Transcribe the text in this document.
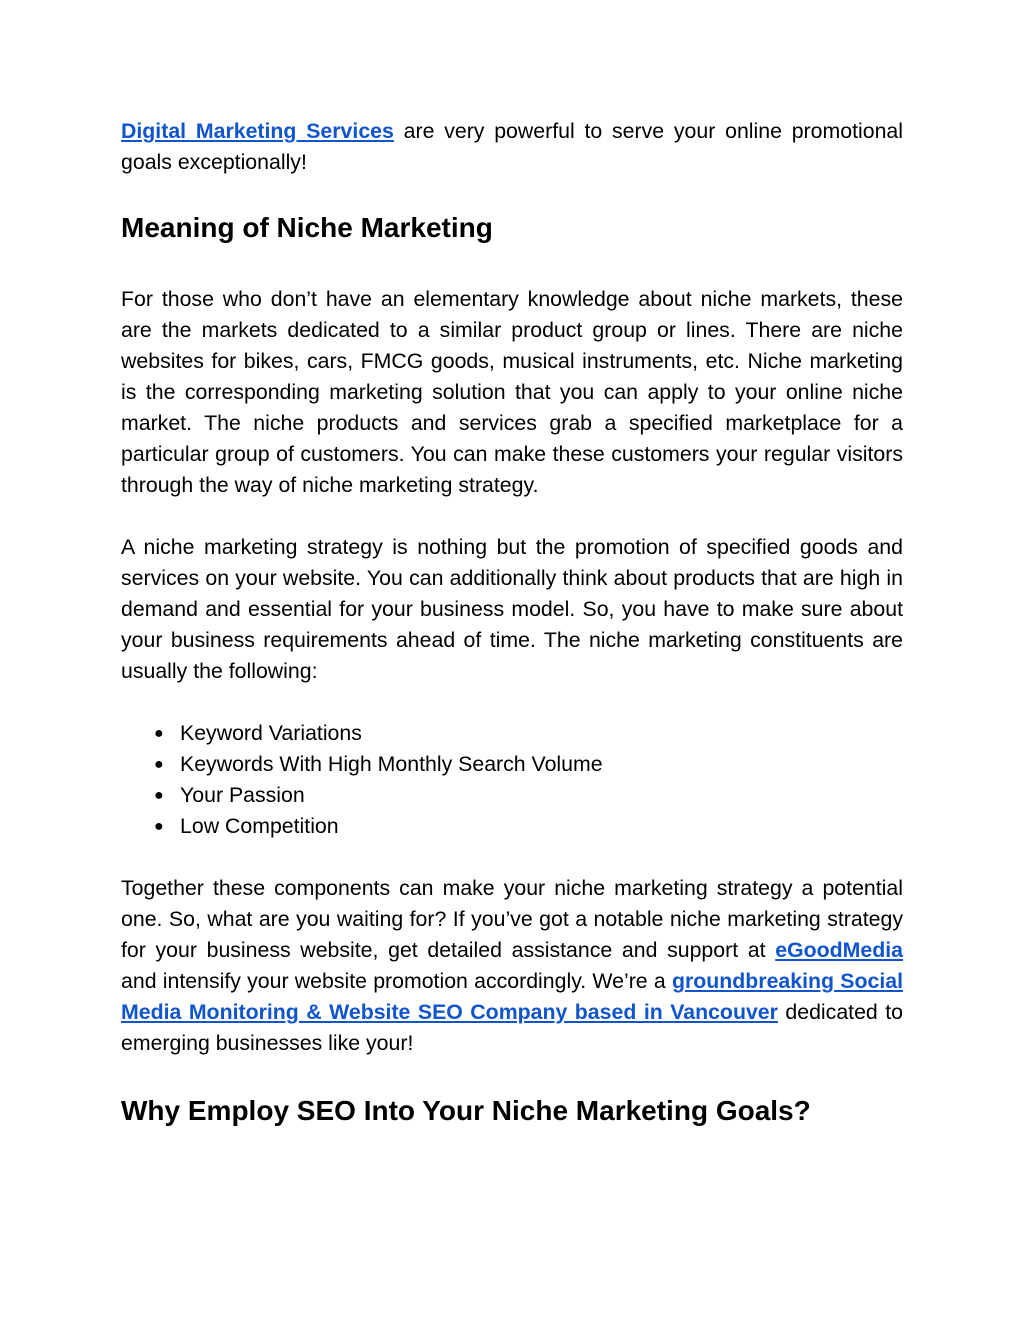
Digital Marketing Services are very powerful to serve your online promotional goals exceptionally!

Meaning of Niche Marketing

For those who don’t have an elementary knowledge about niche markets, these are the markets dedicated to a similar product group or lines. There are niche websites for bikes, cars, FMCG goods, musical instruments, etc. Niche marketing is the corresponding marketing solution that you can apply to your online niche market. The niche products and services grab a specified marketplace for a particular group of customers. You can make these customers your regular visitors through the way of niche marketing strategy.

A niche marketing strategy is nothing but the promotion of specified goods and services on your website. You can additionally think about products that are high in demand and essential for your business model. So, you have to make sure about your business requirements ahead of time. The niche marketing constituents are usually the following:

● Keyword Variations
● Keywords With High Monthly Search Volume
● Your Passion
● Low Competition

Together these components can make your niche marketing strategy a potential one. So, what are you waiting for? If you’ve got a notable niche marketing strategy for your business website, get detailed assistance and support at eGoodMedia and intensify your website promotion accordingly. We’re a groundbreaking Social Media Monitoring & Website SEO Company based in Vancouver dedicated to emerging businesses like your!

Why Employ SEO Into Your Niche Marketing Goals?
